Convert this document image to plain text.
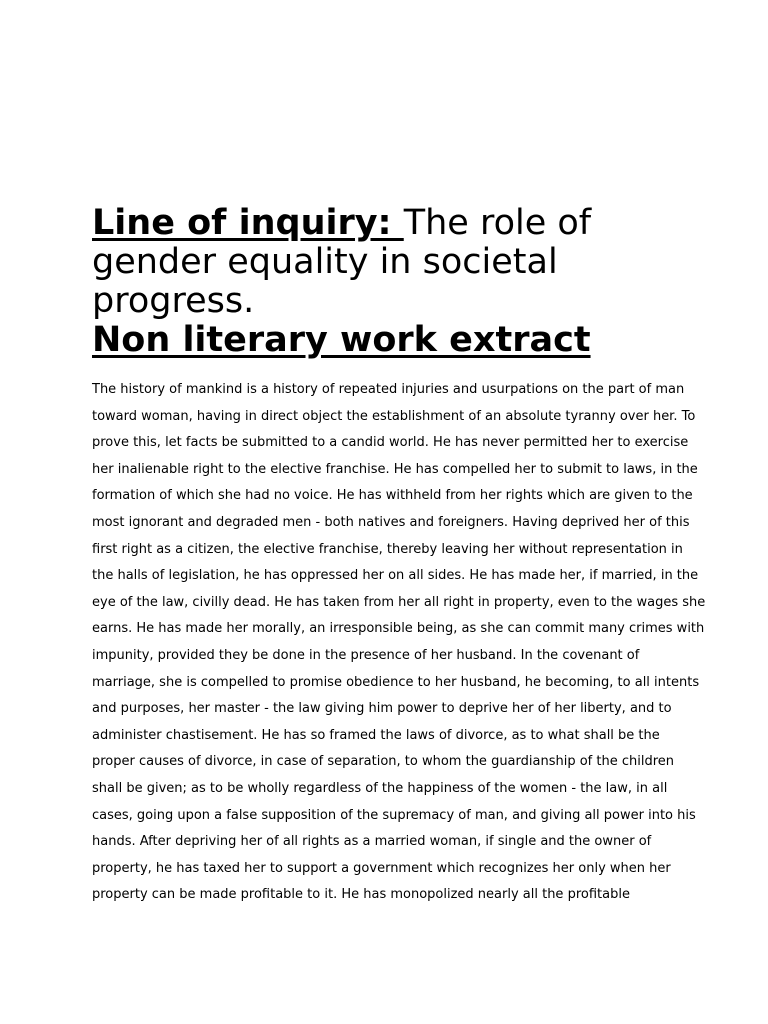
Line of inquiry: The role of gender equality in societal progress.
Non literary work extract

The history of mankind is a history of repeated injuries and usurpations on the part of man
toward woman, having in direct object the establishment of an absolute tyranny over her. To
prove this, let facts be submitted to a candid world. He has never permitted her to exercise
her inalienable right to the elective franchise. He has compelled her to submit to laws, in the
formation of which she had no voice. He has withheld from her rights which are given to the
most ignorant and degraded men - both natives and foreigners. Having deprived her of this
first right as a citizen, the elective franchise, thereby leaving her without representation in
the halls of legislation, he has oppressed her on all sides. He has made her, if married, in the
eye of the law, civilly dead. He has taken from her all right in property, even to the wages she
earns. He has made her morally, an irresponsible being, as she can commit many crimes with
impunity, provided they be done in the presence of her husband. In the covenant of
marriage, she is compelled to promise obedience to her husband, he becoming, to all intents
and purposes, her master - the law giving him power to deprive her of her liberty, and to
administer chastisement. He has so framed the laws of divorce, as to what shall be the
proper causes of divorce, in case of separation, to whom the guardianship of the children
shall be given; as to be wholly regardless of the happiness of the women - the law, in all
cases, going upon a false supposition of the supremacy of man, and giving all power into his
hands. After depriving her of all rights as a married woman, if single and the owner of
property, he has taxed her to support a government which recognizes her only when her
property can be made profitable to it. He has monopolized nearly all the profitable
